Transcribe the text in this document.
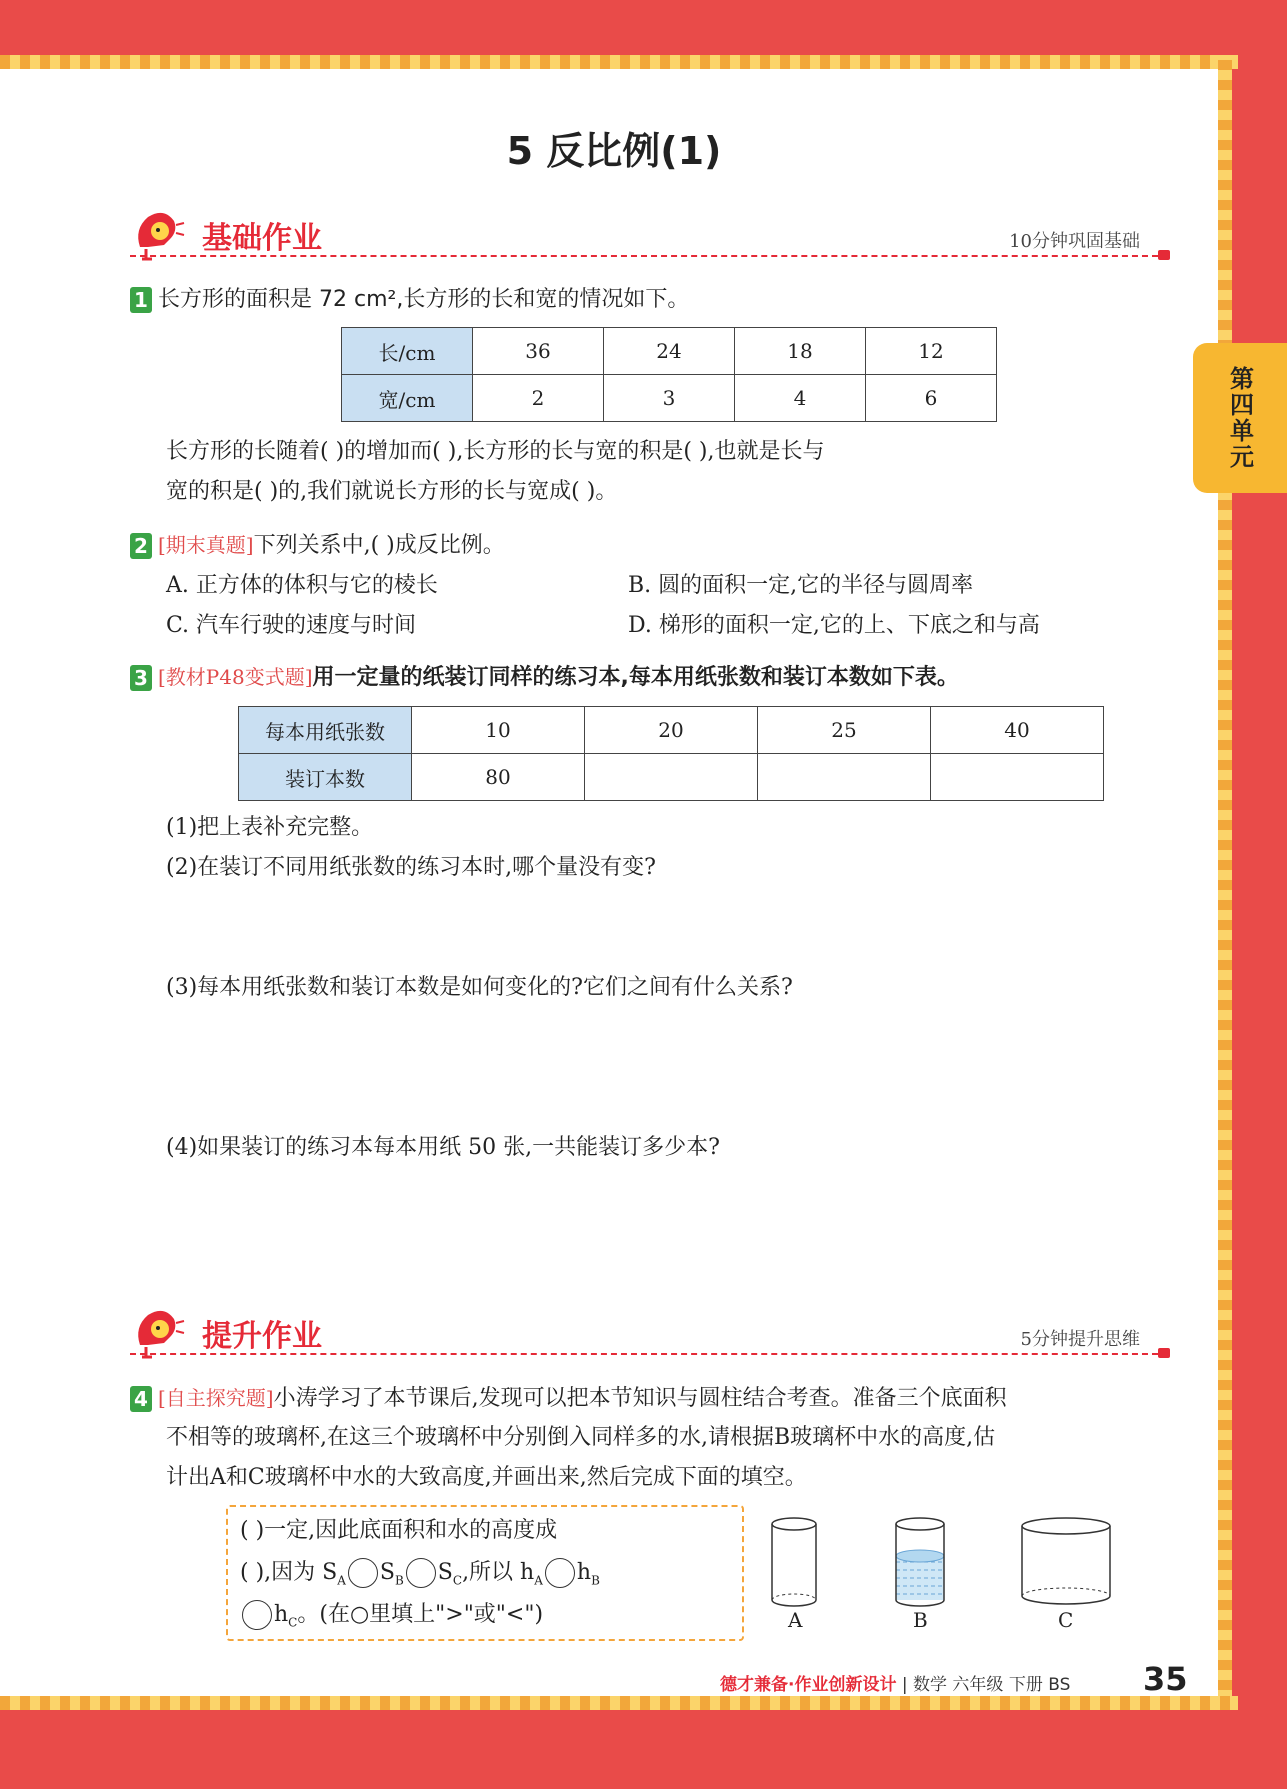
第四单元
5 反比例(1)
基础作业	10分钟巩固基础
1 长方形的面积是 72 cm²,长方形的长和宽的情况如下。
长/cm	36	24	18	12
宽/cm	2	3	4	6
长方形的长随着( )的增加而( ),长方形的长与宽的积是( ),也就是长与
宽的积是( )的,我们就说长方形的长与宽成( )。
2 [期末真题]下列关系中,( )成反比例。
A. 正方体的体积与它的棱长	B. 圆的面积一定,它的半径与圆周率
C. 汽车行驶的速度与时间	D. 梯形的面积一定,它的上、下底之和与高
3 [教材P48变式题]用一定量的纸装订同样的练习本,每本用纸张数和装订本数如下表。
每本用纸张数	10	20	25	40
装订本数	80			
(1)把上表补充完整。
(2)在装订不同用纸张数的练习本时,哪个量没有变?
(3)每本用纸张数和装订本数是如何变化的?它们之间有什么关系?
(4)如果装订的练习本每本用纸 50 张,一共能装订多少本?
提升作业	5分钟提升思维
4 [自主探究题]小涛学习了本节课后,发现可以把本节知识与圆柱结合考查。准备三个底面积
不相等的玻璃杯,在这三个玻璃杯中分别倒入同样多的水,请根据B玻璃杯中水的高度,估
计出A和C玻璃杯中水的大致高度,并画出来,然后完成下面的填空。
( )一定,因此底面积和水的高度成
( ),因为 $S_A$ $S_B$ $S_C$,所以 $h_A$ $h_B$
$h_C$。(在○里填上">"或"<")	A	B	C
德才兼备·作业创新设计 | 数学 六年级 下册 BS 35
